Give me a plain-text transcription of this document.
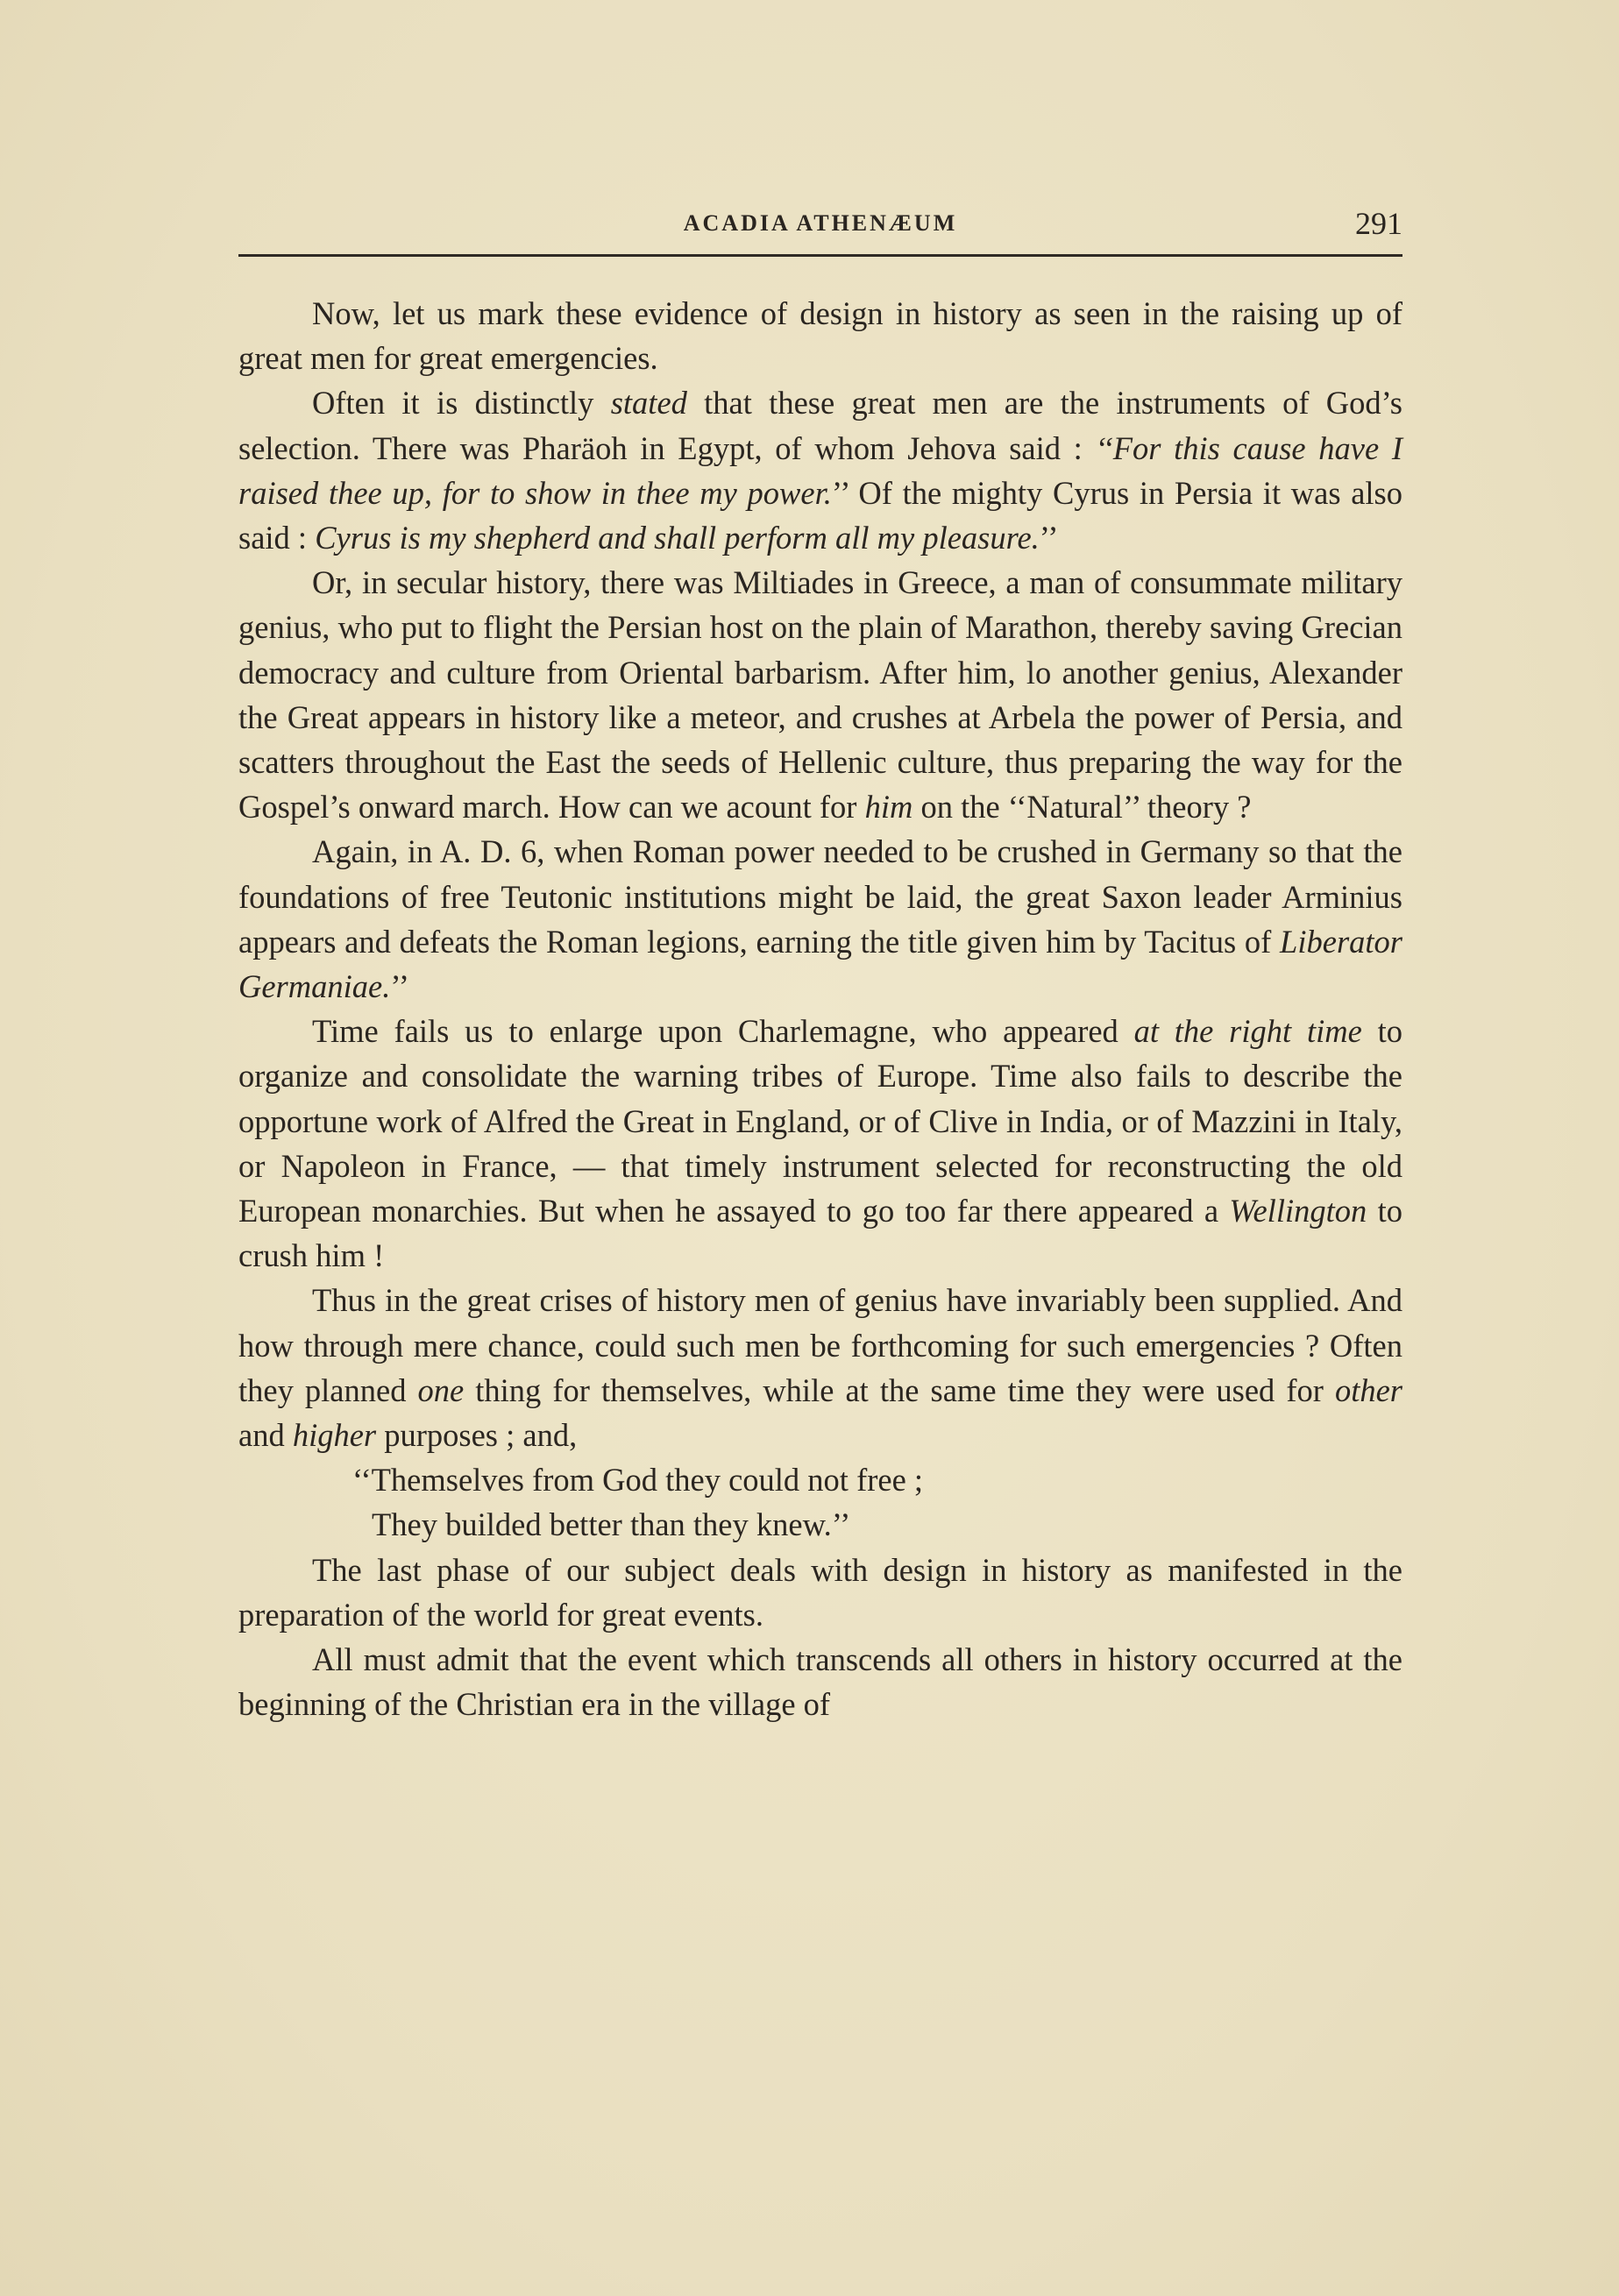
ACADIA ATHENÆUM	291

Now, let us mark these evidence of design in history as seen in the raising up of great men for great emergencies.

Often it is distinctly stated that these great men are the instruments of God’s selection. There was Pharäoh in Egypt, of whom Jehova said : ‘‘For this cause have I raised thee up, for to show in thee my power.’’ Of the mighty Cyrus in Persia it was also said : Cyrus is my shepherd and shall perform all my pleasure.’’

Or, in secular history, there was Miltiades in Greece, a man of consummate military genius, who put to flight the Persian host on the plain of Marathon, thereby saving Grecian democracy and culture from Oriental barbarism. After him, lo another genius, Alexander the Great appears in history like a meteor, and crushes at Arbela the power of Persia, and scatters throughout the East the seeds of Hellenic culture, thus preparing the way for the Gospel’s onward march. How can we acount for him on the ‘‘Natural’’ theory ?

Again, in A. D. 6, when Roman power needed to be crushed in Germany so that the foundations of free Teutonic institutions might be laid, the great Saxon leader Arminius appears and defeats the Roman legions, earning the title given him by Tacitus of Liberator Germaniae.’’

Time fails us to enlarge upon Charlemagne, who appeared at the right time to organize and consolidate the warning tribes of Europe. Time also fails to describe the opportune work of Alfred the Great in England, or of Clive in India, or of Mazzini in Italy, or Napoleon in France, — that timely instrument selected for reconstructing the old European monarchies. But when he assayed to go too far there appeared a Wellington to crush him !

Thus in the great crises of history men of genius have invariably been supplied. And how through mere chance, could such men be forthcoming for such emergencies ? Often they planned one thing for themselves, while at the same time they were used for other and higher purposes ; and,

‘‘Themselves from God they could not free ;

They builded better than they knew.’’

The last phase of our subject deals with design in history as manifested in the preparation of the world for great events.

All must admit that the event which transcends all others in history occurred at the beginning of the Christian era in the village of
